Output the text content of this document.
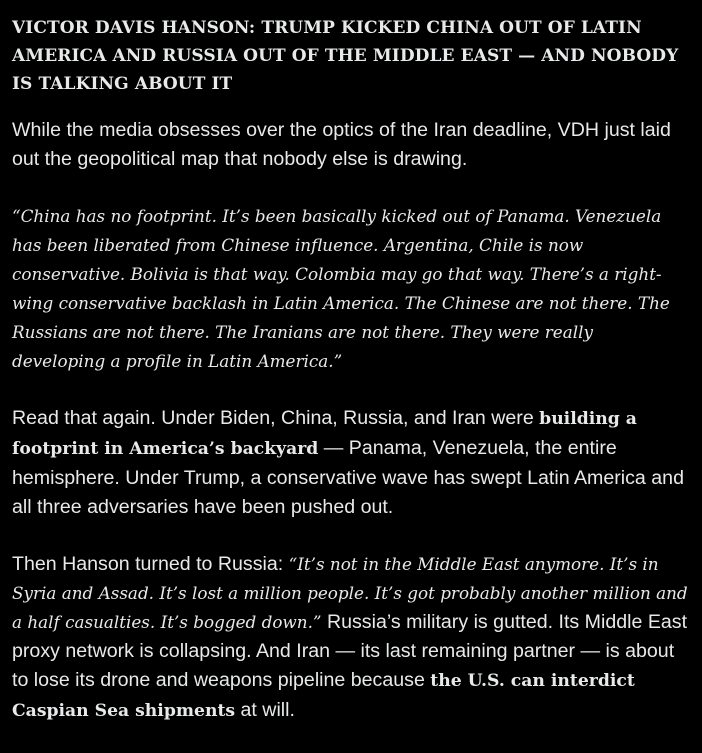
VICTOR DAVIS HANSON: TRUMP KICKED CHINA OUT OF LATIN AMERICA AND RUSSIA OUT OF THE MIDDLE EAST — AND NOBODY IS TALKING ABOUT IT
While the media obsesses over the optics of the Iran deadline, VDH just laid out the geopolitical map that nobody else is drawing.
“China has no footprint. It’s been basically kicked out of Panama. Venezuela has been liberated from Chinese influence. Argentina, Chile is now conservative. Bolivia is that way. Colombia may go that way. There’s a right-wing conservative backlash in Latin America. The Chinese are not there. The Russians are not there. The Iranians are not there. They were really developing a profile in Latin America.”
Read that again. Under Biden, China, Russia, and Iran were building a footprint in America’s backyard — Panama, Venezuela, the entire hemisphere. Under Trump, a conservative wave has swept Latin America and all three adversaries have been pushed out.
Then Hanson turned to Russia: “It’s not in the Middle East anymore. It’s in Syria and Assad. It’s lost a million people. It’s got probably another million and a half casualties. It’s bogged down.” Russia’s military is gutted. Its Middle East proxy network is collapsing. And Iran — its last remaining partner — is about to lose its drone and weapons pipeline because the U.S. can interdict Caspian Sea shipments at will.
